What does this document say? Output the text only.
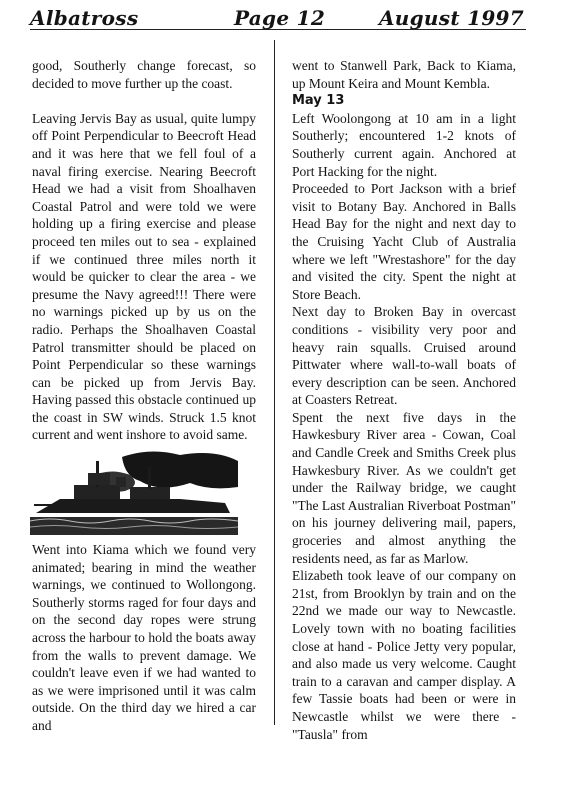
Albatross	Page 12	August 1997

good, Southerly change forecast, so decided to move further up the coast.

Leaving Jervis Bay as usual, quite lumpy off Point Perpendicular to Beecroft Head and it was here that we fell foul of a naval firing exercise. Nearing Beecroft Head we had a visit from Shoalhaven Coastal Patrol and were told we were holding up a firing exercise and please proceed ten miles out to sea - explained if we continued three miles north it would be quicker to clear the area - we presume the Navy agreed!!! There were no warnings picked up by us on the radio. Perhaps the Shoalhaven Coastal Patrol transmitter should be placed on Point Perpendicular so these warnings can be picked up from Jervis Bay. Having passed this obstacle continued up the coast in SW winds. Struck 1.5 knot current and went inshore to avoid same.

Went into Kiama which we found very animated; bearing in mind the weather warnings, we continued to Wollongong. Southerly storms raged for four days and on the second day ropes were strung across the harbour to hold the boats away from the walls to prevent damage. We couldn't leave even if we had wanted to as we were imprisoned until it was calm outside. On the third day we hired a car and

went to Stanwell Park, Back to Kiama, up Mount Keira and Mount Kembla.

May 13

Left Woolongong at 10 am in a light Southerly; encountered 1-2 knots of Southerly current again. Anchored at Port Hacking for the night.

Proceeded to Port Jackson with a brief visit to Botany Bay. Anchored in Balls Head Bay for the night and next day to the Cruising Yacht Club of Australia where we left "Wrestashore" for the day and visited the city. Spent the night at Store Beach.

Next day to Broken Bay in overcast conditions - visibility very poor and heavy rain squalls. Cruised around Pittwater where wall-to-wall boats of every description can be seen. Anchored at Coasters Retreat.

Spent the next five days in the Hawkesbury River area - Cowan, Coal and Candle Creek and Smiths Creek plus Hawkesbury River. As we couldn't get under the Railway bridge, we caught "The Last Australian Riverboat Postman" on his journey delivering mail, papers, groceries and almost anything the residents need, as far as Marlow.

Elizabeth took leave of our company on 21st, from Brooklyn by train and on the 22nd we made our way to Newcastle. Lovely town with no boating facilities close at hand - Police Jetty very popular, and also made us very welcome. Caught train to a caravan and camper display. A few Tassie boats had been or were in Newcastle whilst we were there - "Tausla" from
